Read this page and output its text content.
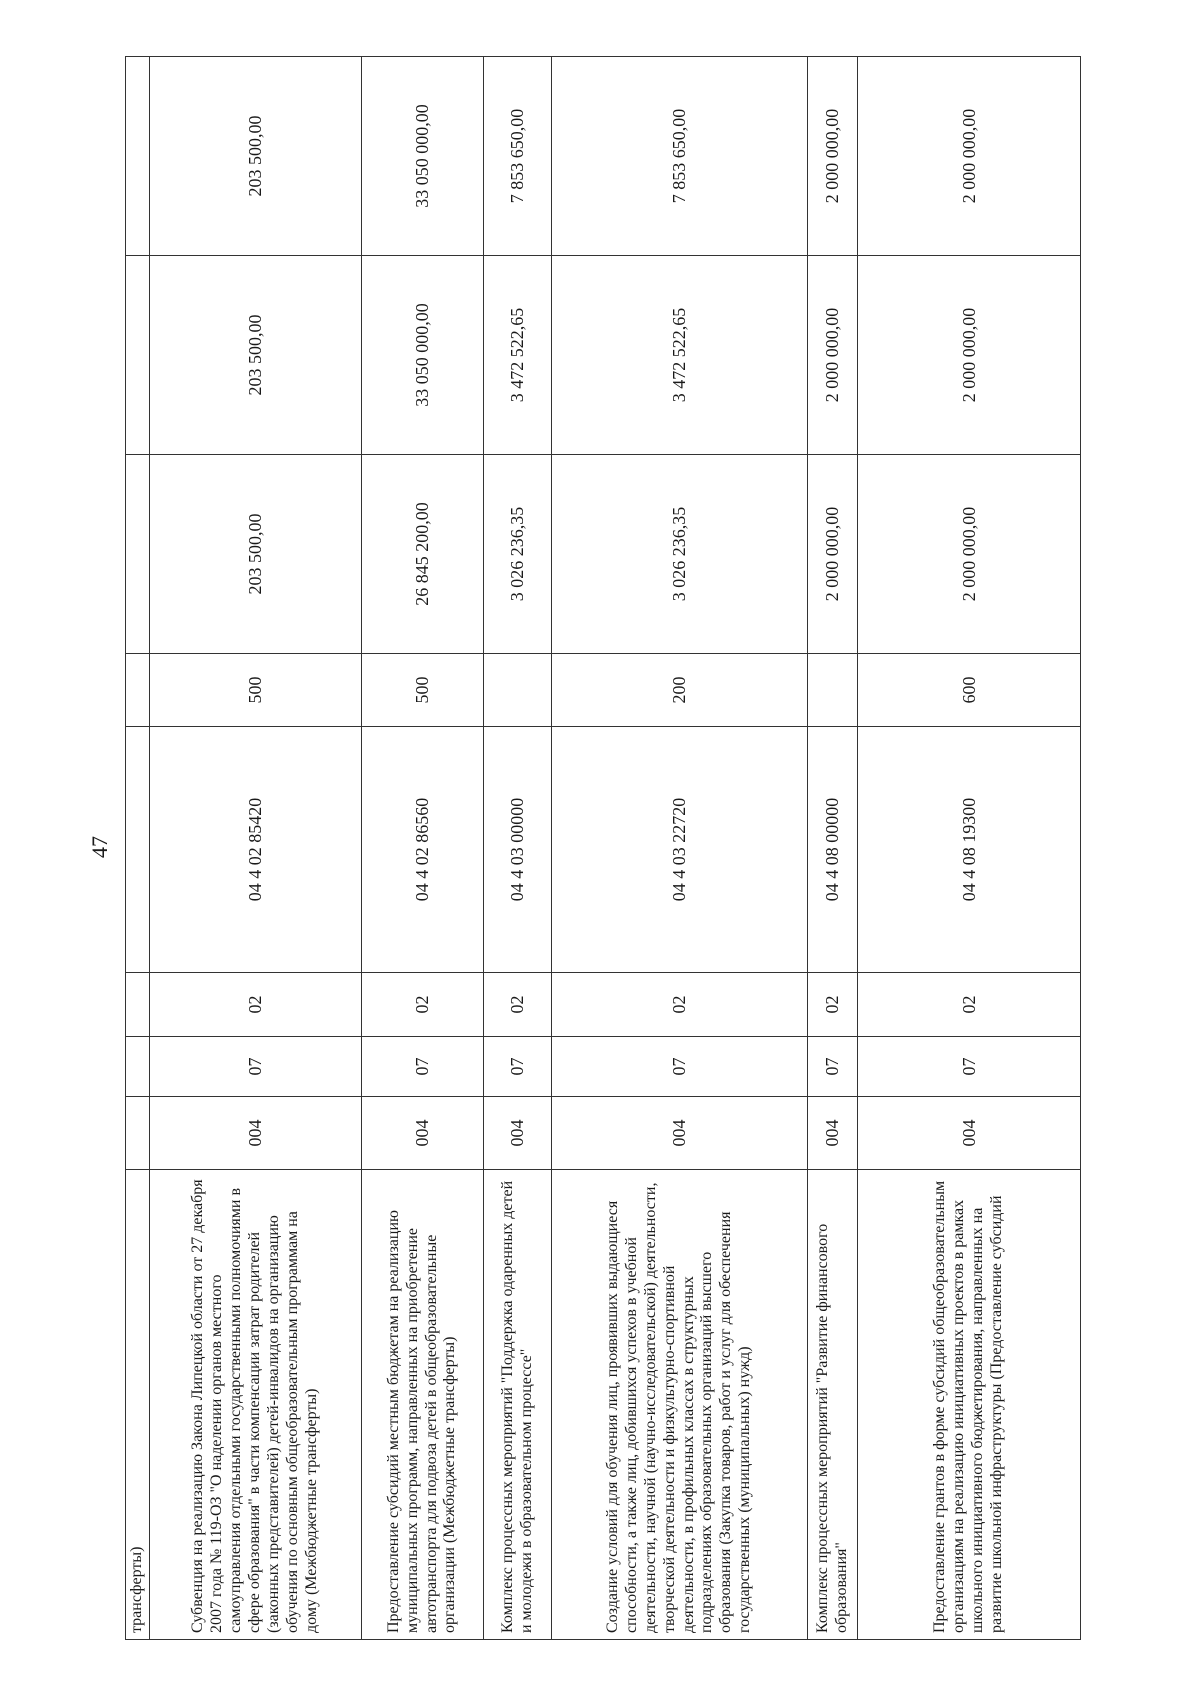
47
трансферты)								
Субвенция на реализацию Закона Липецкой области от 27 декабря 2007 года № 119-ОЗ "О наделении органов местного самоуправления отдельными государственными полномочиями в сфере образования" в части компенсации затрат родителей (законных представителей) детей-инвалидов на организацию обучения по основным общеобразовательным программам на дому (Межбюджетные трансферты)	004	07	02	04 4 02 85420	500	203 500,00	203 500,00	203 500,00
Предоставление субсидий местным бюджетам на реализацию муниципальных программ, направленных на приобретение автотранспорта для подвоза детей в общеобразовательные организации (Межбюджетные трансферты)	004	07	02	04 4 02 86560	500	26 845 200,00	33 050 000,00	33 050 000,00
Комплекс процессных мероприятий "Поддержка одаренных детей и молодежи в образовательном процессе"	004	07	02	04 4 03 00000		3 026 236,35	3 472 522,65	7 853 650,00
Создание условий для обучения лиц, проявивших выдающиеся способности, а также лиц, добившихся успехов в учебной деятельности, научной (научно-исследовательской) деятельности, творческой деятельности и физкультурно-спортивной деятельности, в профильных классах в структурных подразделениях образовательных организаций высшего образования (Закупка товаров, работ и услуг для обеспечения государственных (муниципальных) нужд)	004	07	02	04 4 03 22720	200	3 026 236,35	3 472 522,65	7 853 650,00
Комплекс процессных мероприятий "Развитие финансового образования"	004	07	02	04 4 08 00000		2 000 000,00	2 000 000,00	2 000 000,00
Предоставление грантов в форме субсидий общеобразовательным организациям на реализацию инициативных проектов в рамках школьного инициативного бюджетирования, направленных на развитие школьной инфраструктуры (Предоставление субсидий	004	07	02	04 4 08 19300	600	2 000 000,00	2 000 000,00	2 000 000,00
